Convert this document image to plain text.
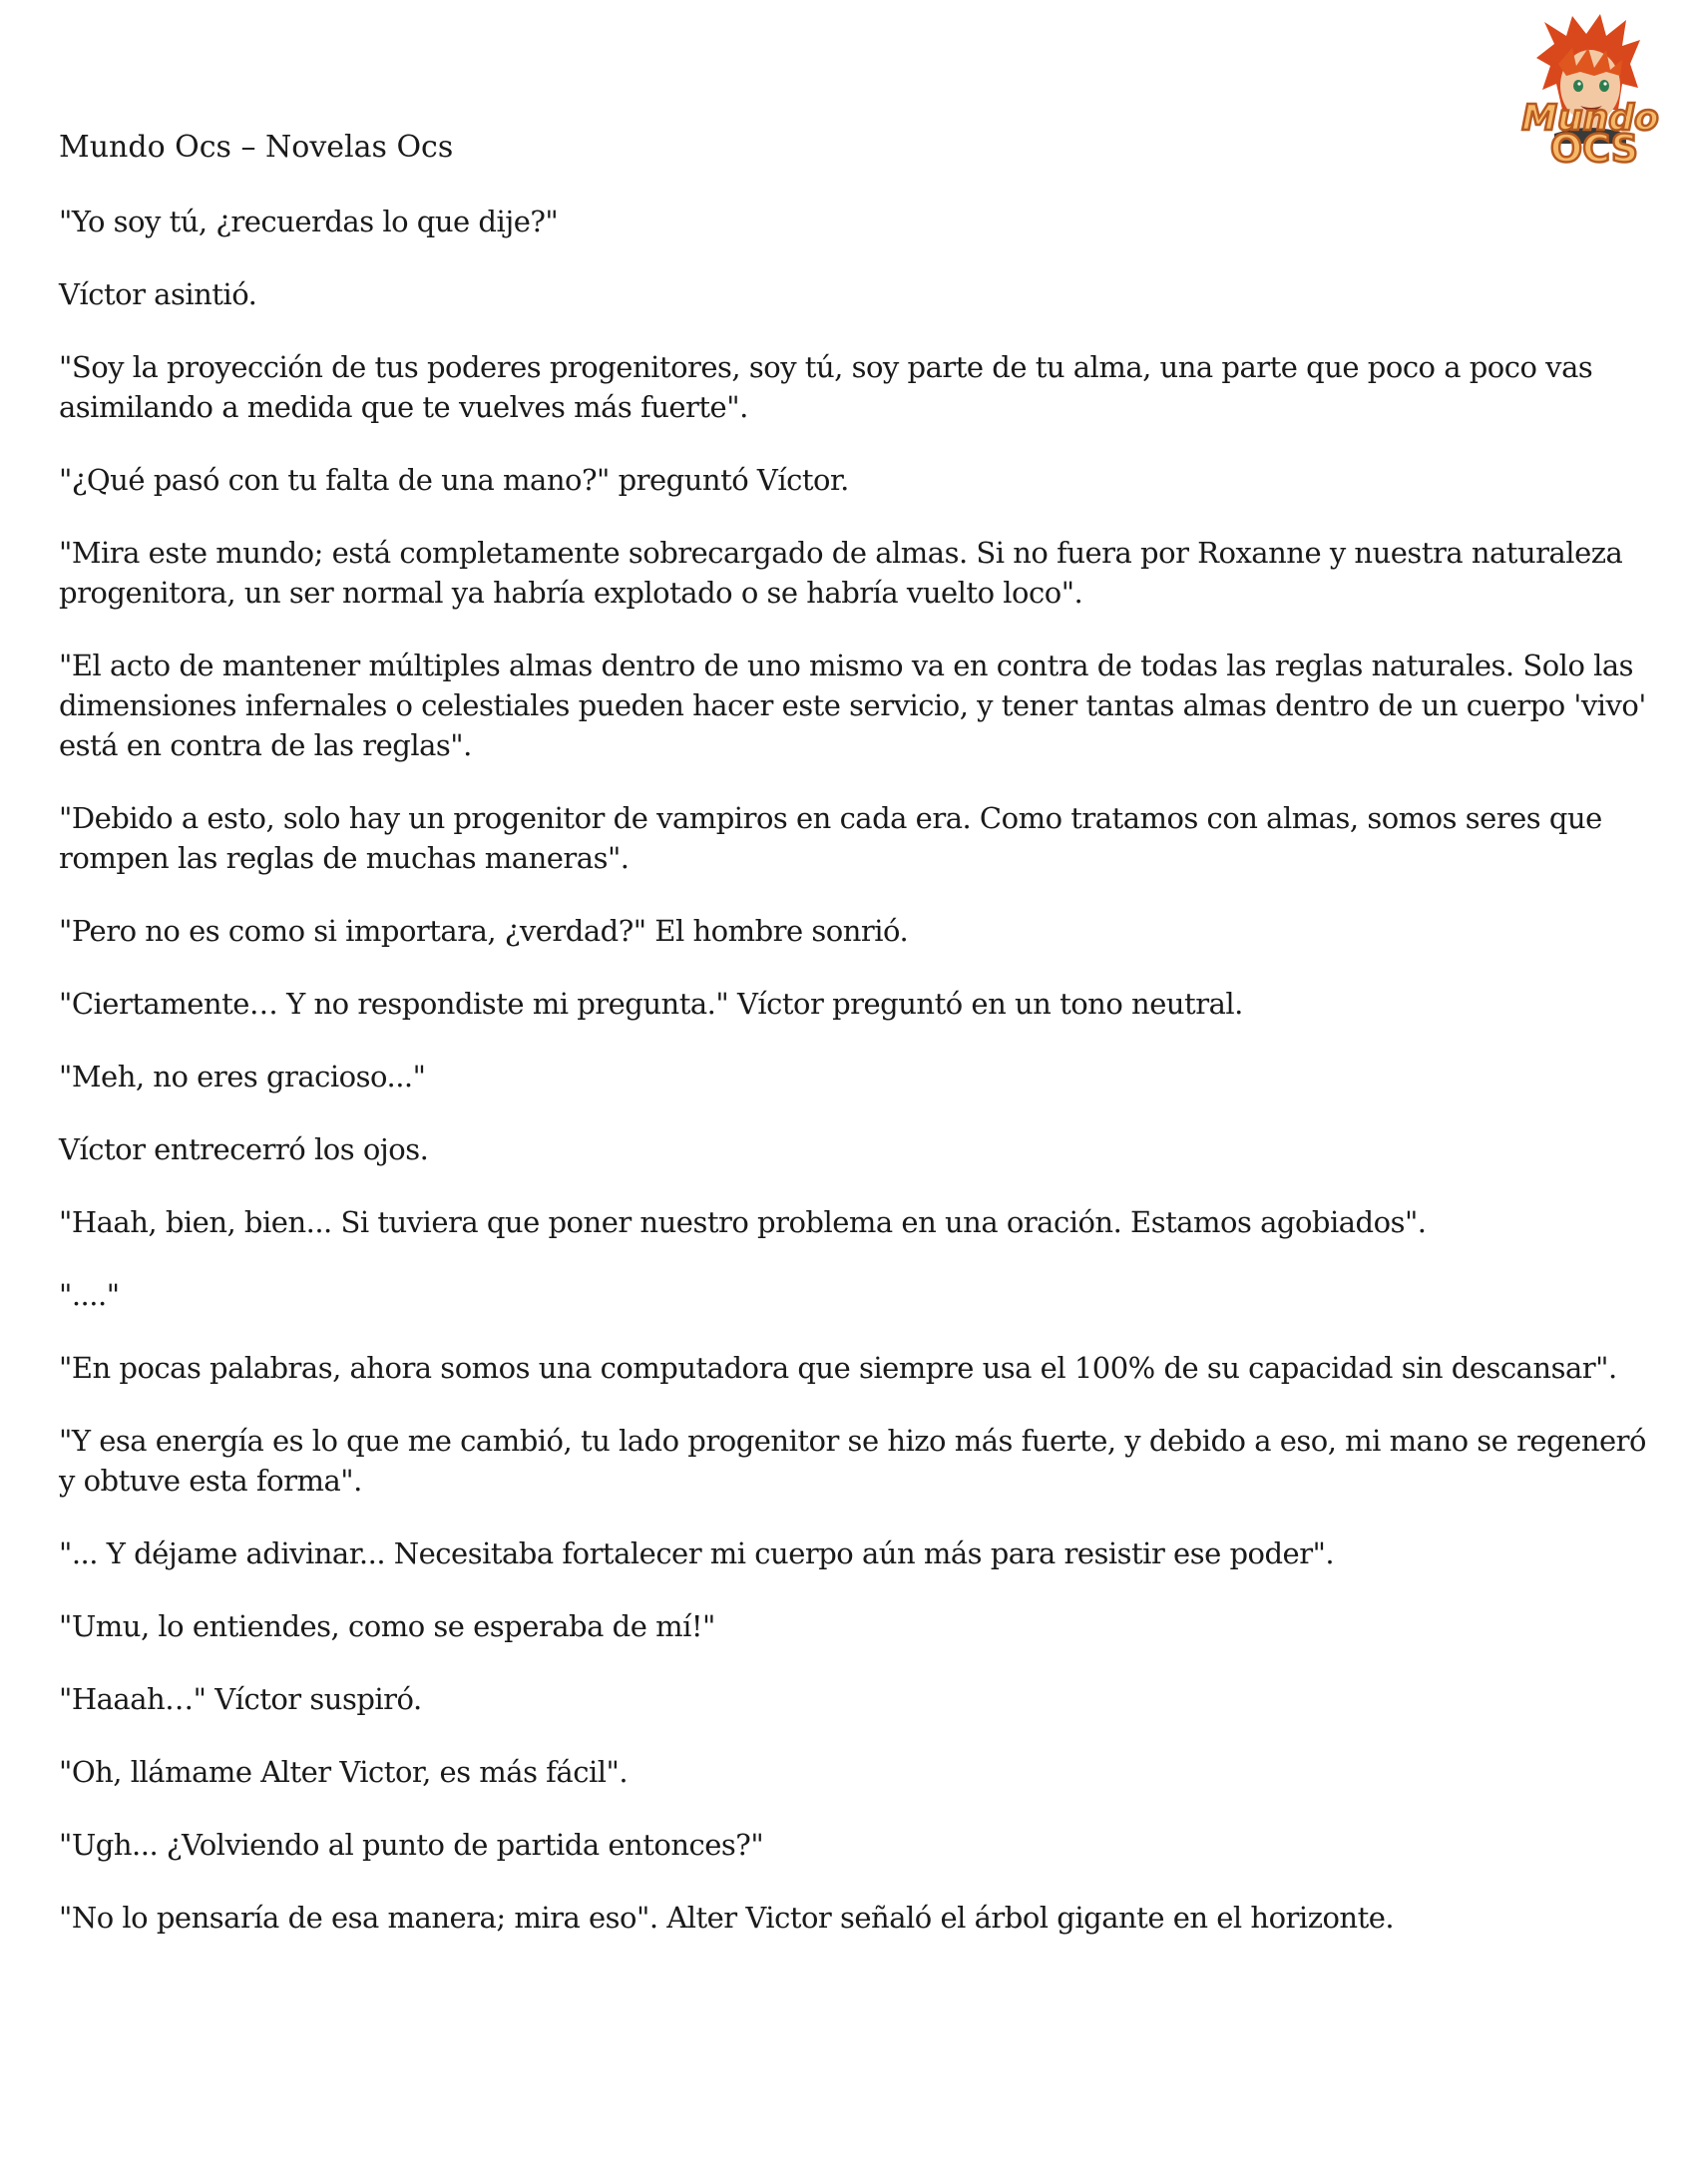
Mundo Ocs – Novelas Ocs
Mundo
OCS

"Yo soy tú, ¿recuerdas lo que dije?"

Víctor asintió.

"Soy la proyección de tus poderes progenitores, soy tú, soy parte de tu alma, una parte que poco a poco vas asimilando a medida que te vuelves más fuerte".

"¿Qué pasó con tu falta de una mano?" preguntó Víctor.

"Mira este mundo; está completamente sobrecargado de almas. Si no fuera por Roxanne y nuestra naturaleza progenitora, un ser normal ya habría explotado o se habría vuelto loco".

"El acto de mantener múltiples almas dentro de uno mismo va en contra de todas las reglas naturales. Solo las dimensiones infernales o celestiales pueden hacer este servicio, y tener tantas almas dentro de un cuerpo 'vivo' está en contra de las reglas".

"Debido a esto, solo hay un progenitor de vampiros en cada era. Como tratamos con almas, somos seres que rompen las reglas de muchas maneras".

"Pero no es como si importara, ¿verdad?" El hombre sonrió.

"Ciertamente… Y no respondiste mi pregunta." Víctor preguntó en un tono neutral.

"Meh, no eres gracioso..."

Víctor entrecerró los ojos.

"Haah, bien, bien... Si tuviera que poner nuestro problema en una oración. Estamos agobiados".

"...."

"En pocas palabras, ahora somos una computadora que siempre usa el 100% de su capacidad sin descansar".

"Y esa energía es lo que me cambió, tu lado progenitor se hizo más fuerte, y debido a eso, mi mano se regeneró y obtuve esta forma".

"... Y déjame adivinar... Necesitaba fortalecer mi cuerpo aún más para resistir ese poder".

"Umu, lo entiendes, como se esperaba de mí!"

"Haaah…" Víctor suspiró.

"Oh, llámame Alter Victor, es más fácil".

"Ugh... ¿Volviendo al punto de partida entonces?"

"No lo pensaría de esa manera; mira eso". Alter Victor señaló el árbol gigante en el horizonte.
